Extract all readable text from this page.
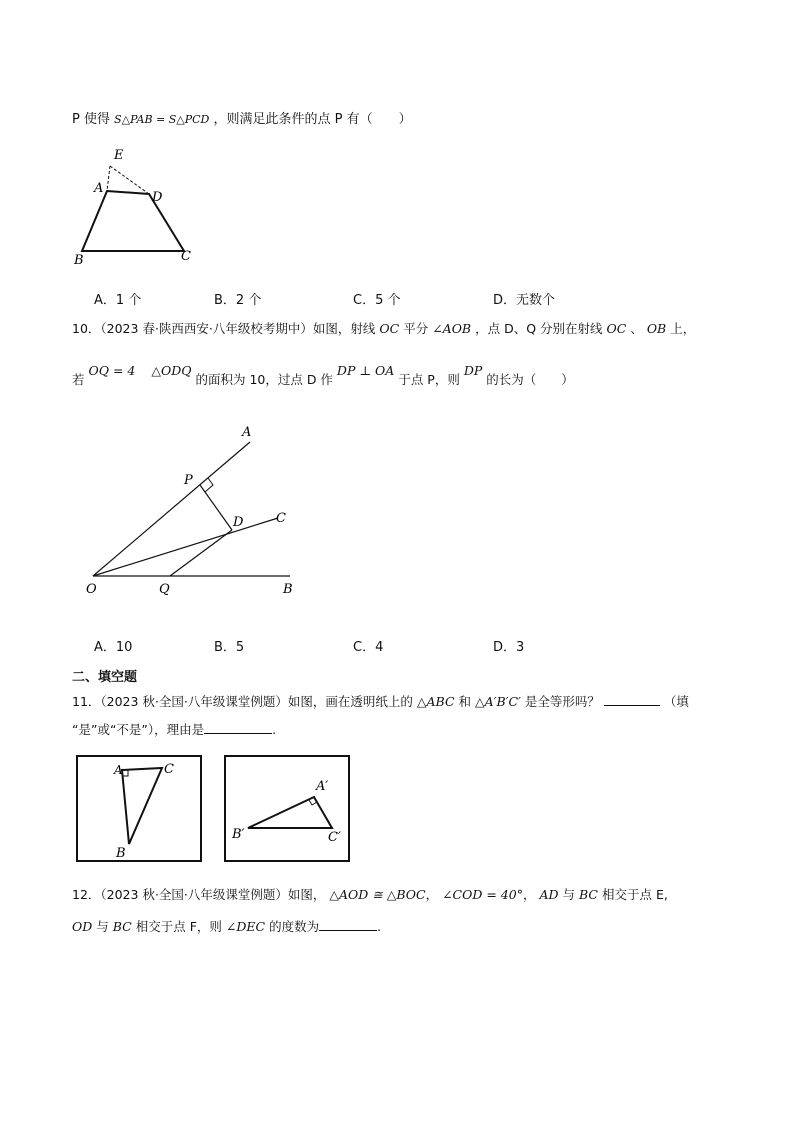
P 使得 S△PAB = S△PCD ，则满足此条件的点 P 有（　　）
E
A
D
B	C
A．1 个	B．2 个	C．5 个	D．无数个
10．（2023 春·陕西西安·八年级校考期中）如图，射线 OC 平分 ∠AOB ，点 D、Q 分别在射线 OC 、 OB 上，
若 OQ = 4 △ODQ 的面积为 10，过点 D 作 DP ⊥ OA 于点 P，则 DP 的长为（　　）
A
P
D	C
O	Q	B
A．10	B．5	C．4	D．3
二、填空题
11．（2023 秋·全国·八年级课堂例题）如图，画在透明纸上的 △ABC 和 △A′B′C′ 是全等形吗？	（填
“是”或“不是”），理由是	.
A	C
B
A′
B′	C′
12．（2023 秋·全国·八年级课堂例题）如图， △AOD ≅ △BOC， ∠COD = 40°， AD 与 BC 相交于点 E,
OD 与 BC 相交于点 F，则 ∠DEC 的度数为	.
